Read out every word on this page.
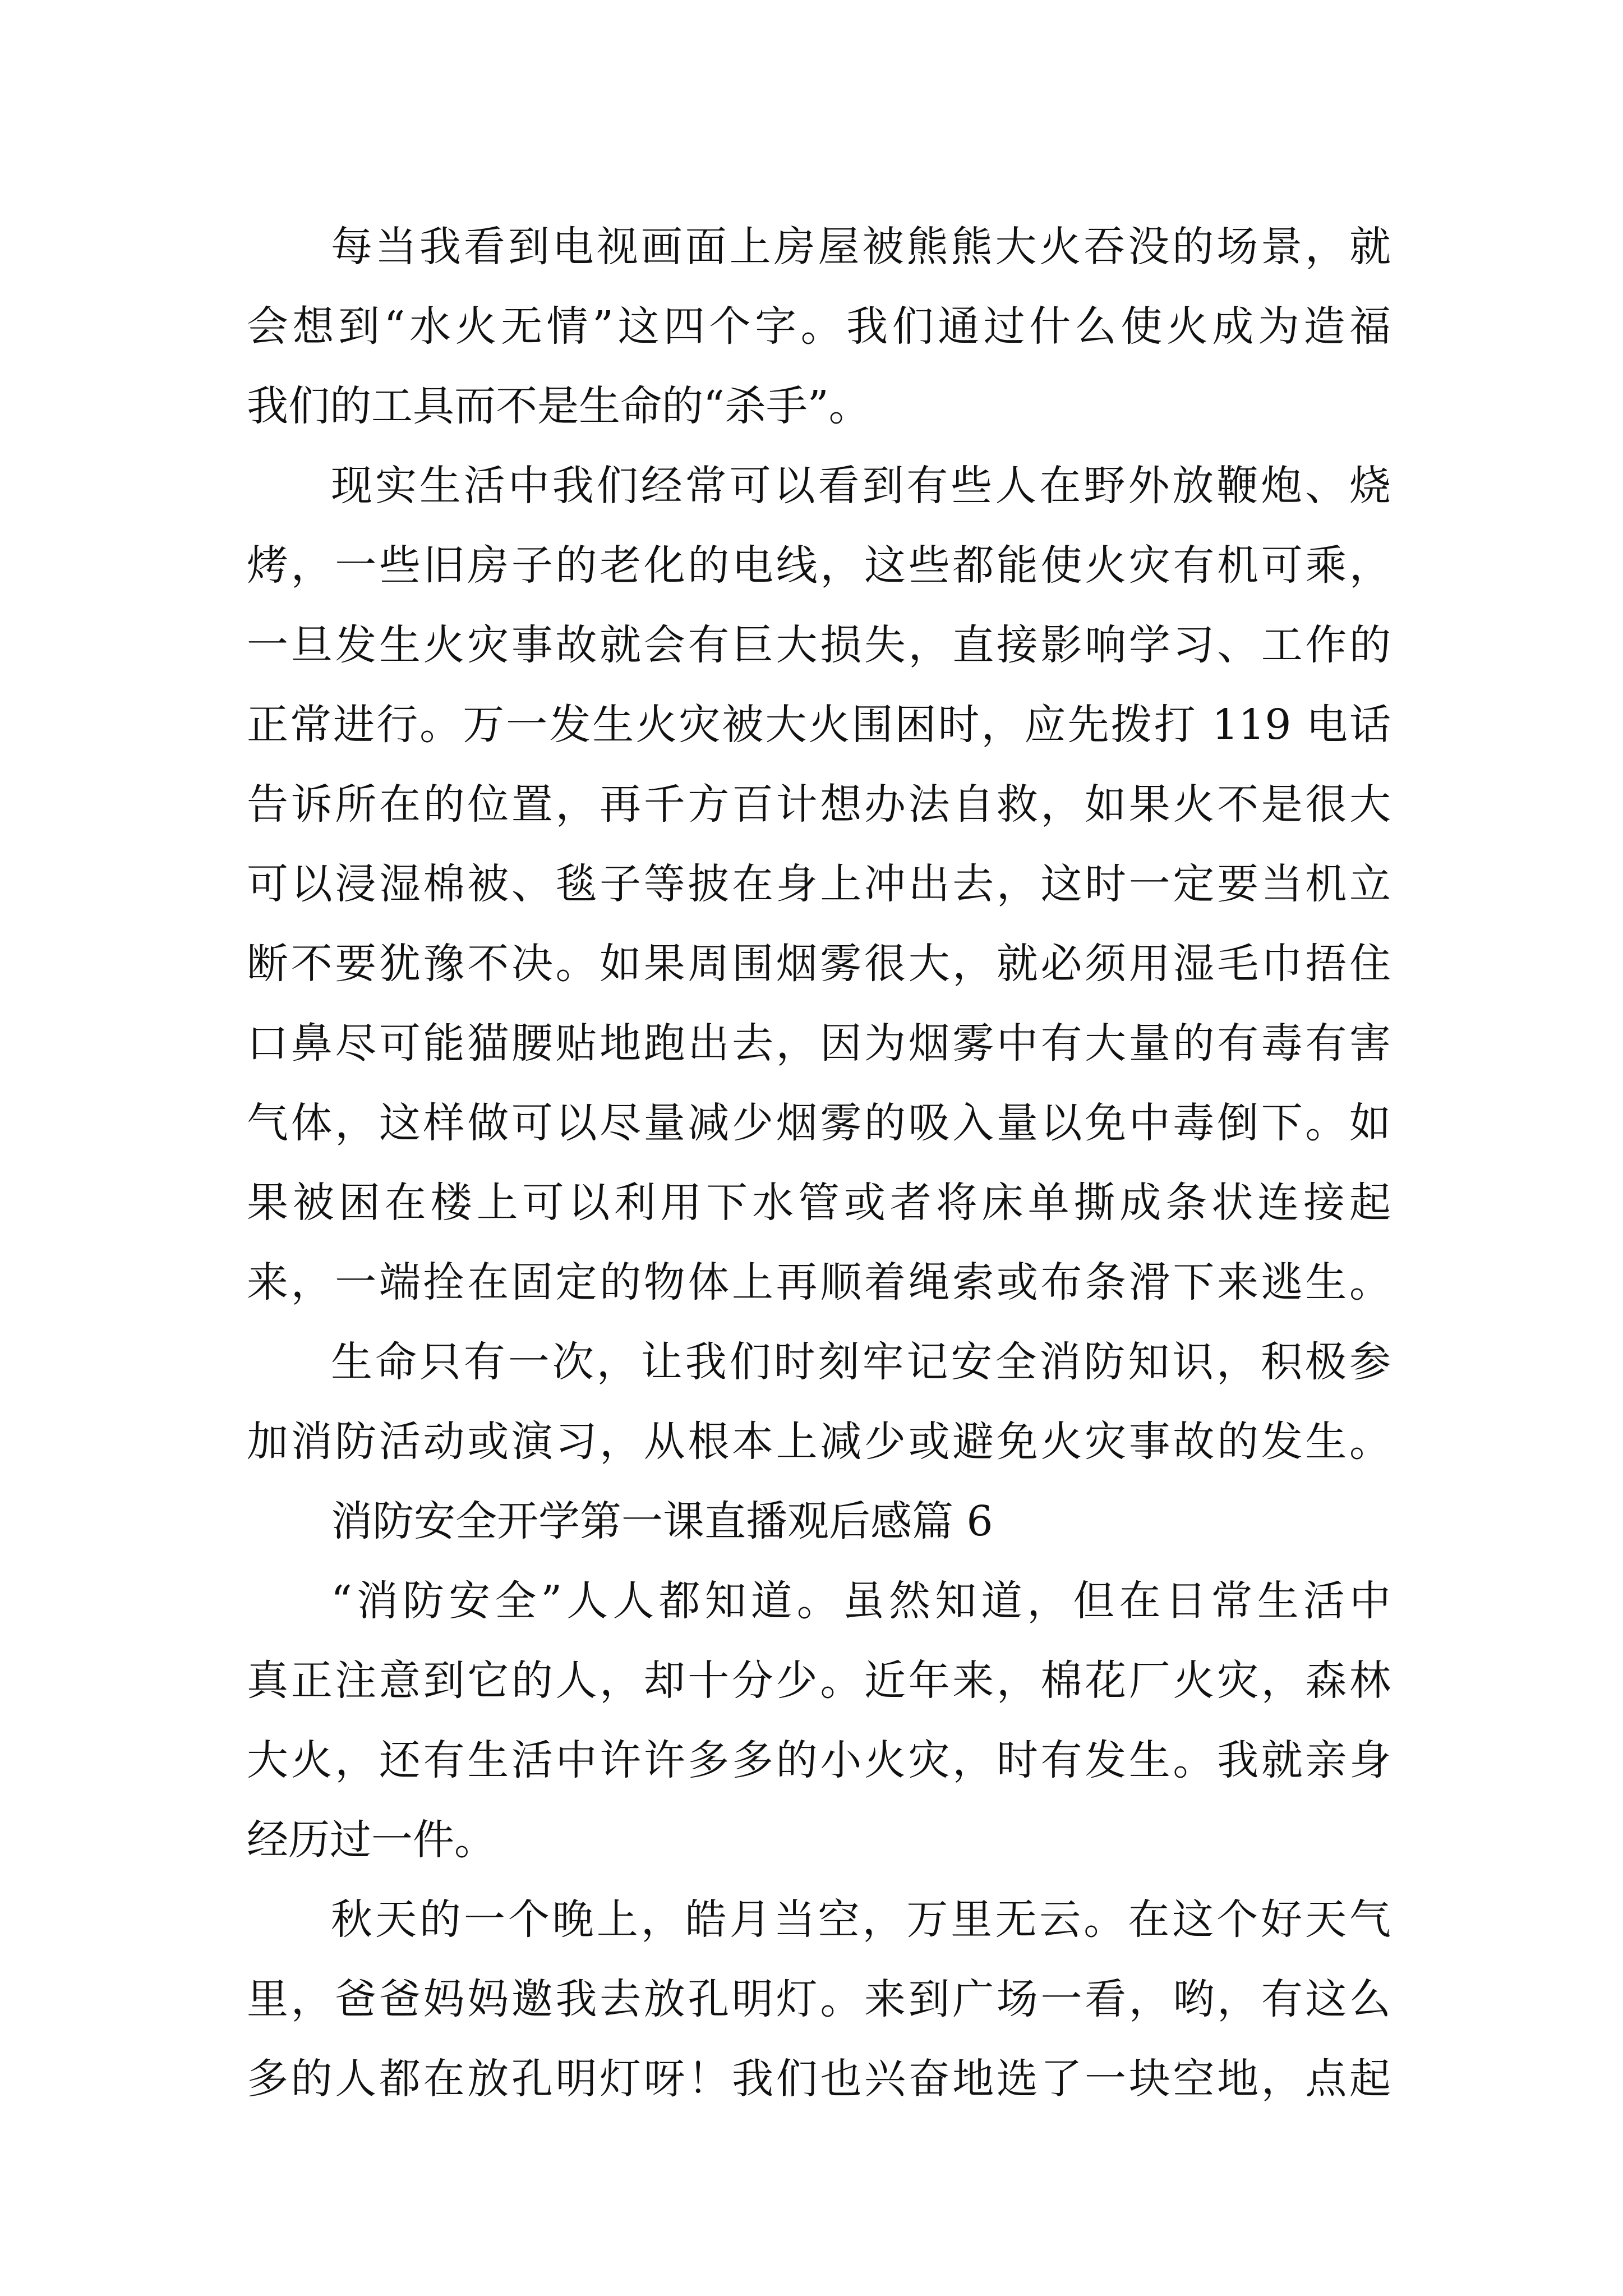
每当我看到电视画面上房屋被熊熊大火吞没的场景，就
会想到“水火无情”这四个字。我们通过什么使火成为造福
我们的工具而不是生命的“杀手”。
现实生活中我们经常可以看到有些人在野外放鞭炮、烧
烤，一些旧房子的老化的电线，这些都能使火灾有机可乘，
一旦发生火灾事故就会有巨大损失，直接影响学习、工作的
正常进行。万一发生火灾被大火围困时，应先拨打 119 电话
告诉所在的位置，再千方百计想办法自救，如果火不是很大
可以浸湿棉被、毯子等披在身上冲出去，这时一定要当机立
断不要犹豫不决。如果周围烟雾很大，就必须用湿毛巾捂住
口鼻尽可能猫腰贴地跑出去，因为烟雾中有大量的有毒有害
气体，这样做可以尽量减少烟雾的吸入量以免中毒倒下。如
果被困在楼上可以利用下水管或者将床单撕成条状连接起
来，一端拴在固定的物体上再顺着绳索或布条滑下来逃生。
生命只有一次，让我们时刻牢记安全消防知识，积极参
加消防活动或演习，从根本上减少或避免火灾事故的发生。
消防安全开学第一课直播观后感篇 6
“消防安全”人人都知道。虽然知道，但在日常生活中
真正注意到它的人，却十分少。近年来，棉花厂火灾，森林
大火，还有生活中许许多多的小火灾，时有发生。我就亲身
经历过一件。
秋天的一个晚上，皓月当空，万里无云。在这个好天气
里，爸爸妈妈邀我去放孔明灯。来到广场一看，哟，有这么
多的人都在放孔明灯呀！我们也兴奋地选了一块空地，点起
